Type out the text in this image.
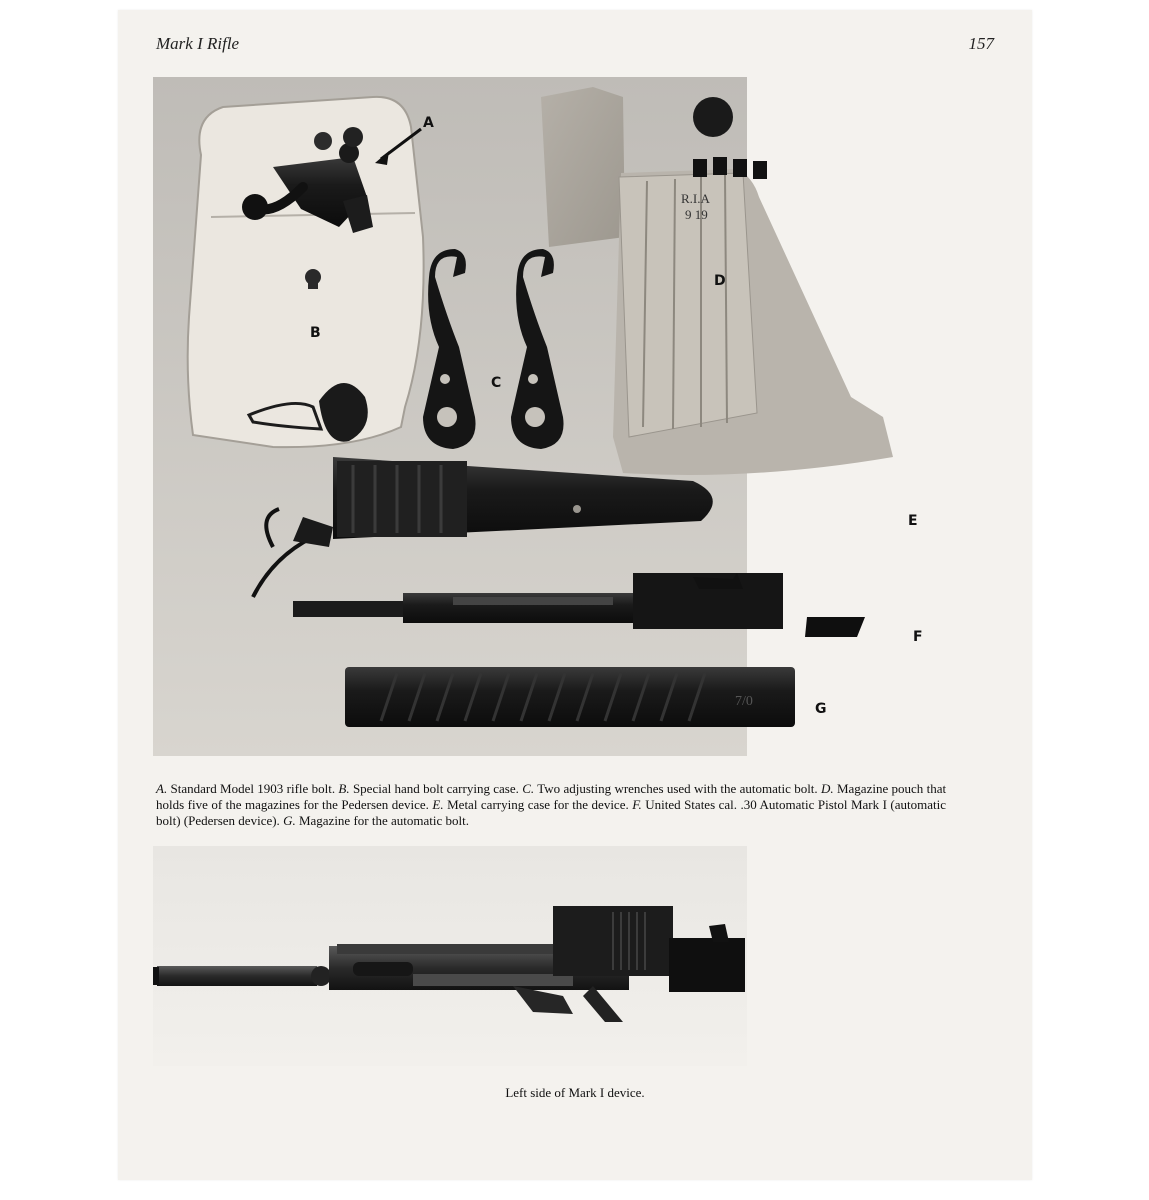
Mark I Rifle	157
R.I.A
9 19
7/0
A
B
C
D
E
F
G

A. Standard Model 1903 rifle bolt. B. Special hand bolt carrying case. C. Two adjusting wrenches used with the automatic bolt. D. Magazine pouch that holds five of the magazines for the Pedersen device. E. Metal carrying case for the device. F. United States cal. .30 Automatic Pistol Mark I (automatic bolt) (Pedersen device). G. Magazine for the automatic bolt.

Left side of Mark I device.
